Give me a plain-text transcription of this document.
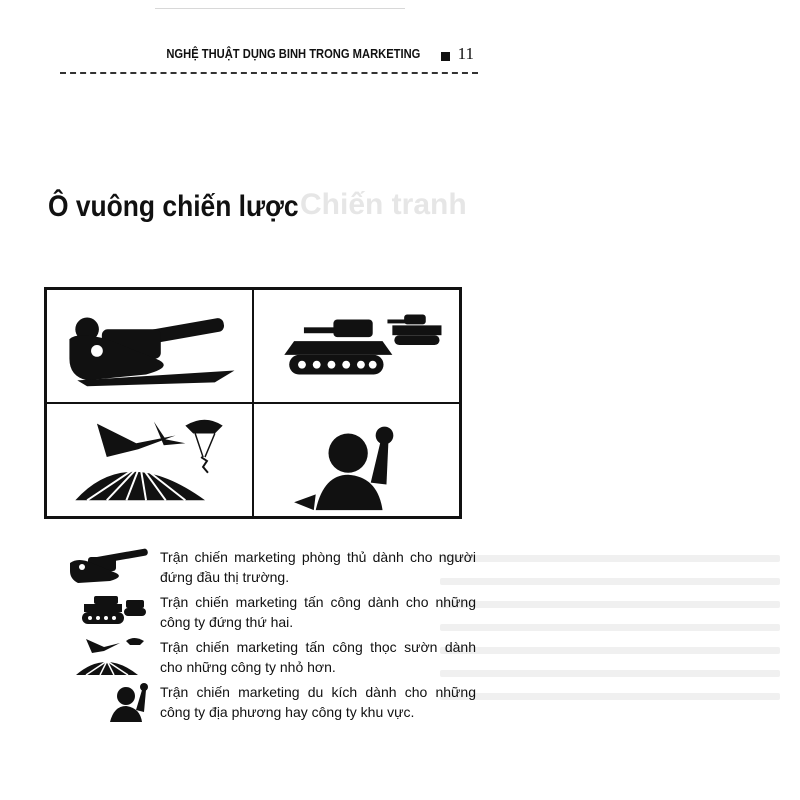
Chiến tranh
NGHỆ THUẬT DỤNG BINH TRONG MARKETING 11
Ô vuông chiến lược
Trận chiến marketing phòng thủ dành cho người đứng đầu thị trường.
Trận chiến marketing tấn công dành cho những công ty đứng thứ hai.
Trận chiến marketing tấn công thọc sườn dành cho những công ty nhỏ hơn.
Trận chiến marketing du kích dành cho những công ty địa phương hay công ty khu vực.
